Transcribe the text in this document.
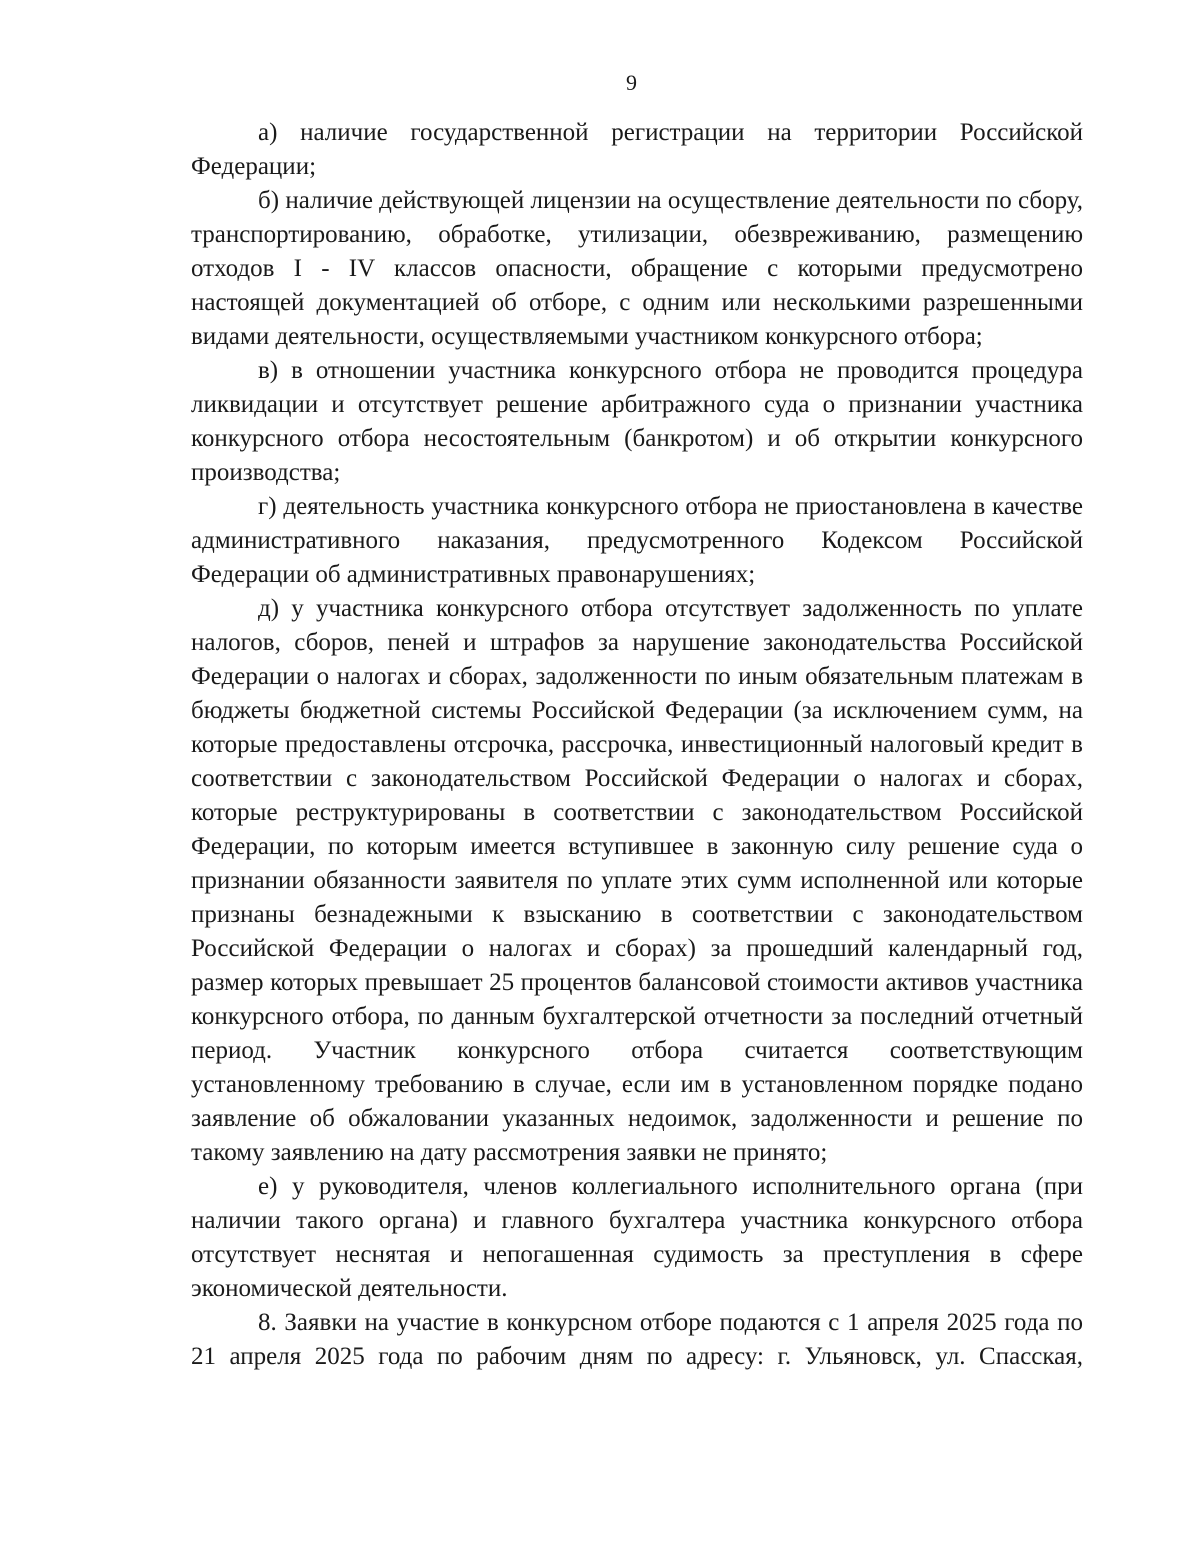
9

а) наличие государственной регистрации на территории Российской Федерации;

б) наличие действующей лицензии на осуществление деятельности по сбору, транспортированию, обработке, утилизации, обезвреживанию, размещению отходов I - IV классов опасности, обращение с которыми предусмотрено настоящей документацией об отборе, с одним или несколькими разрешенными видами деятельности, осуществляемыми участником конкурсного отбора;

в) в отношении участника конкурсного отбора не проводится процедура ликвидации и отсутствует решение арбитражного суда о признании участника конкурсного отбора несостоятельным (банкротом) и об открытии конкурсного производства;

г) деятельность участника конкурсного отбора не приостановлена в качестве административного наказания, предусмотренного Кодексом Российской Федерации об административных правонарушениях;

д) у участника конкурсного отбора отсутствует задолженность по уплате налогов, сборов, пеней и штрафов за нарушение законодательства Российской Федерации о налогах и сборах, задолженности по иным обязательным платежам в бюджеты бюджетной системы Российской Федерации (за исключением сумм, на которые предоставлены отсрочка, рассрочка, инвестиционный налоговый кредит в соответствии с законодательством Российской Федерации о налогах и сборах, которые реструктурированы в соответствии с законодательством Российской Федерации, по которым имеется вступившее в законную силу решение суда о признании обязанности заявителя по уплате этих сумм исполненной или которые признаны безнадежными к взысканию в соответствии с законодательством Российской Федерации о налогах и сборах) за прошедший календарный год, размер которых превышает 25 процентов балансовой стоимости активов участника конкурсного отбора, по данным бухгалтерской отчетности за последний отчетный период. Участник конкурсного отбора считается соответствующим установленному требованию в случае, если им в установленном порядке подано заявление об обжаловании указанных недоимок, задолженности и решение по такому заявлению на дату рассмотрения заявки не принято;

е) у руководителя, членов коллегиального исполнительного органа (при наличии такого органа) и главного бухгалтера участника конкурсного отбора отсутствует неснятая и непогашенная судимость за преступления в сфере экономической деятельности.

8. Заявки на участие в конкурсном отборе подаются с 1 апреля 2025 года по 21 апреля 2025 года по рабочим дням по адресу: г. Ульяновск, ул. Спасская,
